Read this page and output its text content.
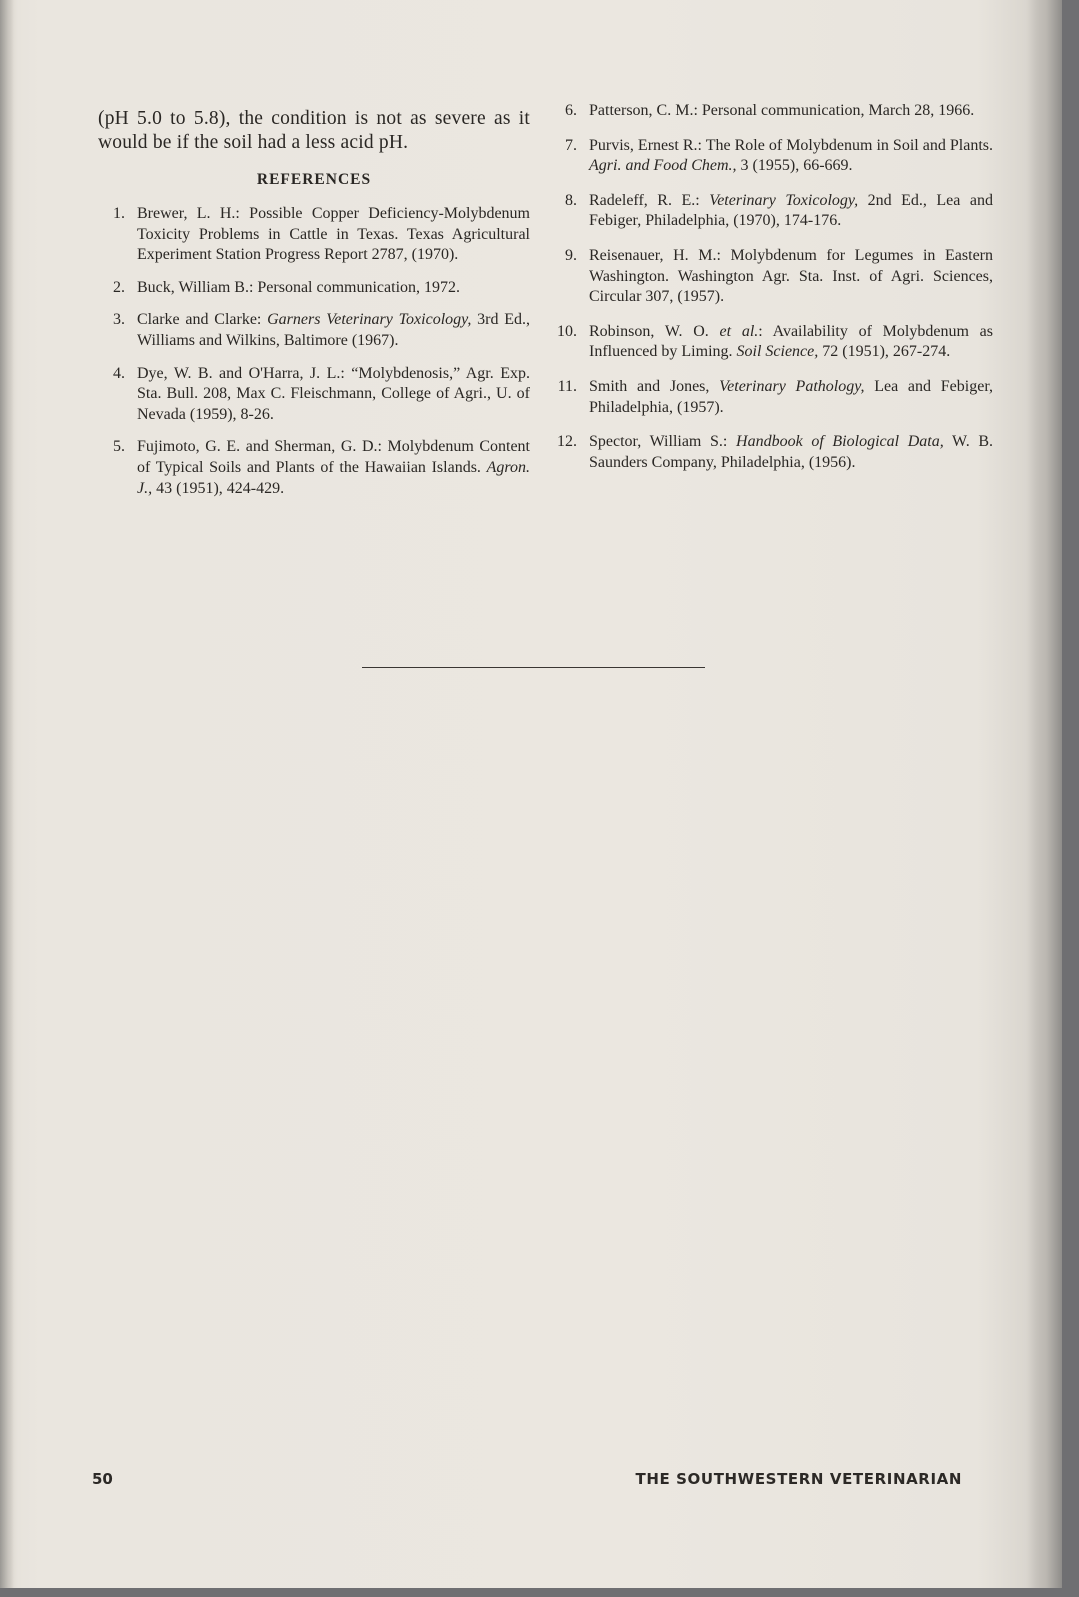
(pH 5.0 to 5.8), the condition is not as severe as it would be if the soil had a less acid pH.

REFERENCES
1. Brewer, L. H.: Possible Copper Deficiency-Molybdenum Toxicity Problems in Cattle in Texas. Texas Agricultural Experiment Station Progress Report 2787, (1970).
2. Buck, William B.: Personal communication, 1972.
3. Clarke and Clarke: Garners Veterinary Toxicology, 3rd Ed., Williams and Wilkins, Baltimore (1967).
4. Dye, W. B. and O'Harra, J. L.: “Molybdenosis,” Agr. Exp. Sta. Bull. 208, Max C. Fleischmann, College of Agri., U. of Nevada (1959), 8-26.
5. Fujimoto, G. E. and Sherman, G. D.: Molybdenum Content of Typical Soils and Plants of the Hawaiian Islands. Agron. J., 43 (1951), 424-429.
6. Patterson, C. M.: Personal communication, March 28, 1966.
7. Purvis, Ernest R.: The Role of Molybdenum in Soil and Plants. Agri. and Food Chem., 3 (1955), 66-669.
8. Radeleff, R. E.: Veterinary Toxicology, 2nd Ed., Lea and Febiger, Philadelphia, (1970), 174-176.
9. Reisenauer, H. M.: Molybdenum for Legumes in Eastern Washington. Washington Agr. Sta. Inst. of Agri. Sciences, Circular 307, (1957).
10. Robinson, W. O. et al.: Availability of Molybdenum as Influenced by Liming. Soil Science, 72 (1951), 267-274.
11. Smith and Jones, Veterinary Pathology, Lea and Febiger, Philadelphia, (1957).
12. Spector, William S.: Handbook of Biological Data, W. B. Saunders Company, Philadelphia, (1956).
50	THE SOUTHWESTERN VETERINARIAN
